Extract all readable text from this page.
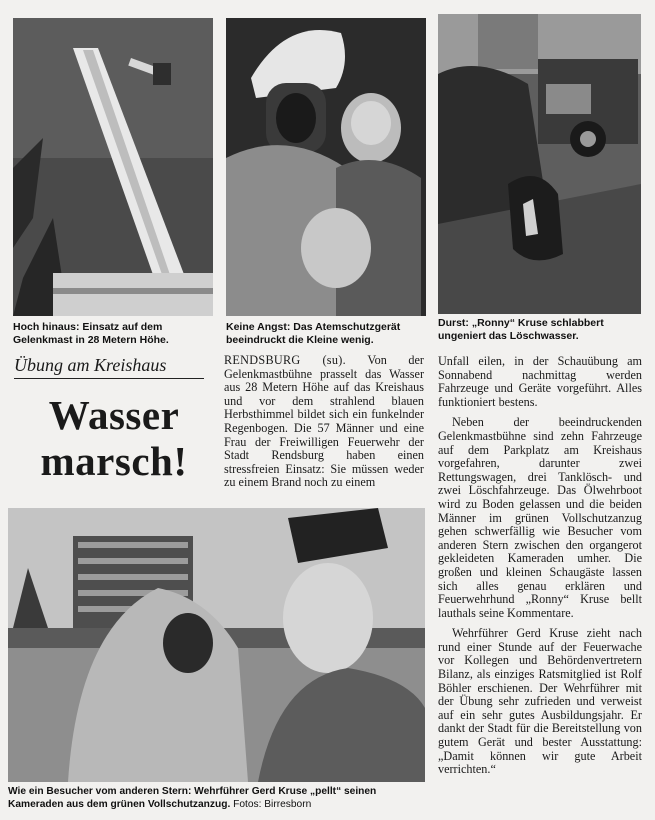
Hoch hinaus: Einsatz auf dem Gelenkmast in 28 Metern Höhe.
Keine Angst: Das Atemschutzgerät beeindruckt die Kleine wenig.
Durst: „Ronny“ Kruse schlabbert ungeniert das Löschwasser.
Übung am Kreishaus
Wasser
marsch!

RENDSBURG (su). Von der Gelenkmastbühne prasselt das Wasser aus 28 Metern Höhe auf das Kreishaus und vor dem strahlend blauen Herbsthimmel bildet sich ein funkelnder Regenbogen. Die 57 Männer und eine Frau der Freiwilligen Feuerwehr der Stadt Rendsburg haben einen stressfreien Einsatz: Sie müssen weder zu einem Brand noch zu einem

Unfall eilen, in der Schauübung am Sonnabend nachmittag werden Fahrzeuge und Geräte vorgeführt. Alles funktioniert bestens.

Neben der beeindruckenden Gelenkmastbühne sind zehn Fahrzeuge auf dem Parkplatz am Kreishaus vorgefahren, darunter zwei Rettungswagen, drei Tanklösch- und zwei Löschfahrzeuge. Das Ölwehrboot wird zu Boden gelassen und die beiden Männer im grünen Vollschutzanzug gehen schwerfällig wie Besucher vom anderen Stern zwischen den organgerot gekleideten Kameraden umher. Die großen und kleinen Schaugäste lassen sich alles genau erklären und Feuerwehrhund „Ronny“ Kruse bellt lauthals seine Kommentare.

Wehrführer Gerd Kruse zieht nach rund einer Stunde auf der Feuerwache vor Kollegen und Behördenvertretern Bilanz, als einziges Ratsmitglied ist Rolf Böhler erschienen. Der Wehrführer mit der Übung sehr zufrieden und verweist auf ein sehr gutes Ausbildungsjahr. Er dankt der Stadt für die Bereitstellung von gutem Gerät und bester Ausstattung: „Damit können wir gute Arbeit verrichten.“

Wie ein Besucher vom anderen Stern: Wehrführer Gerd Kruse „pellt“ seinen Kameraden aus dem grünen Vollschutzanzug. Fotos: Birresborn
